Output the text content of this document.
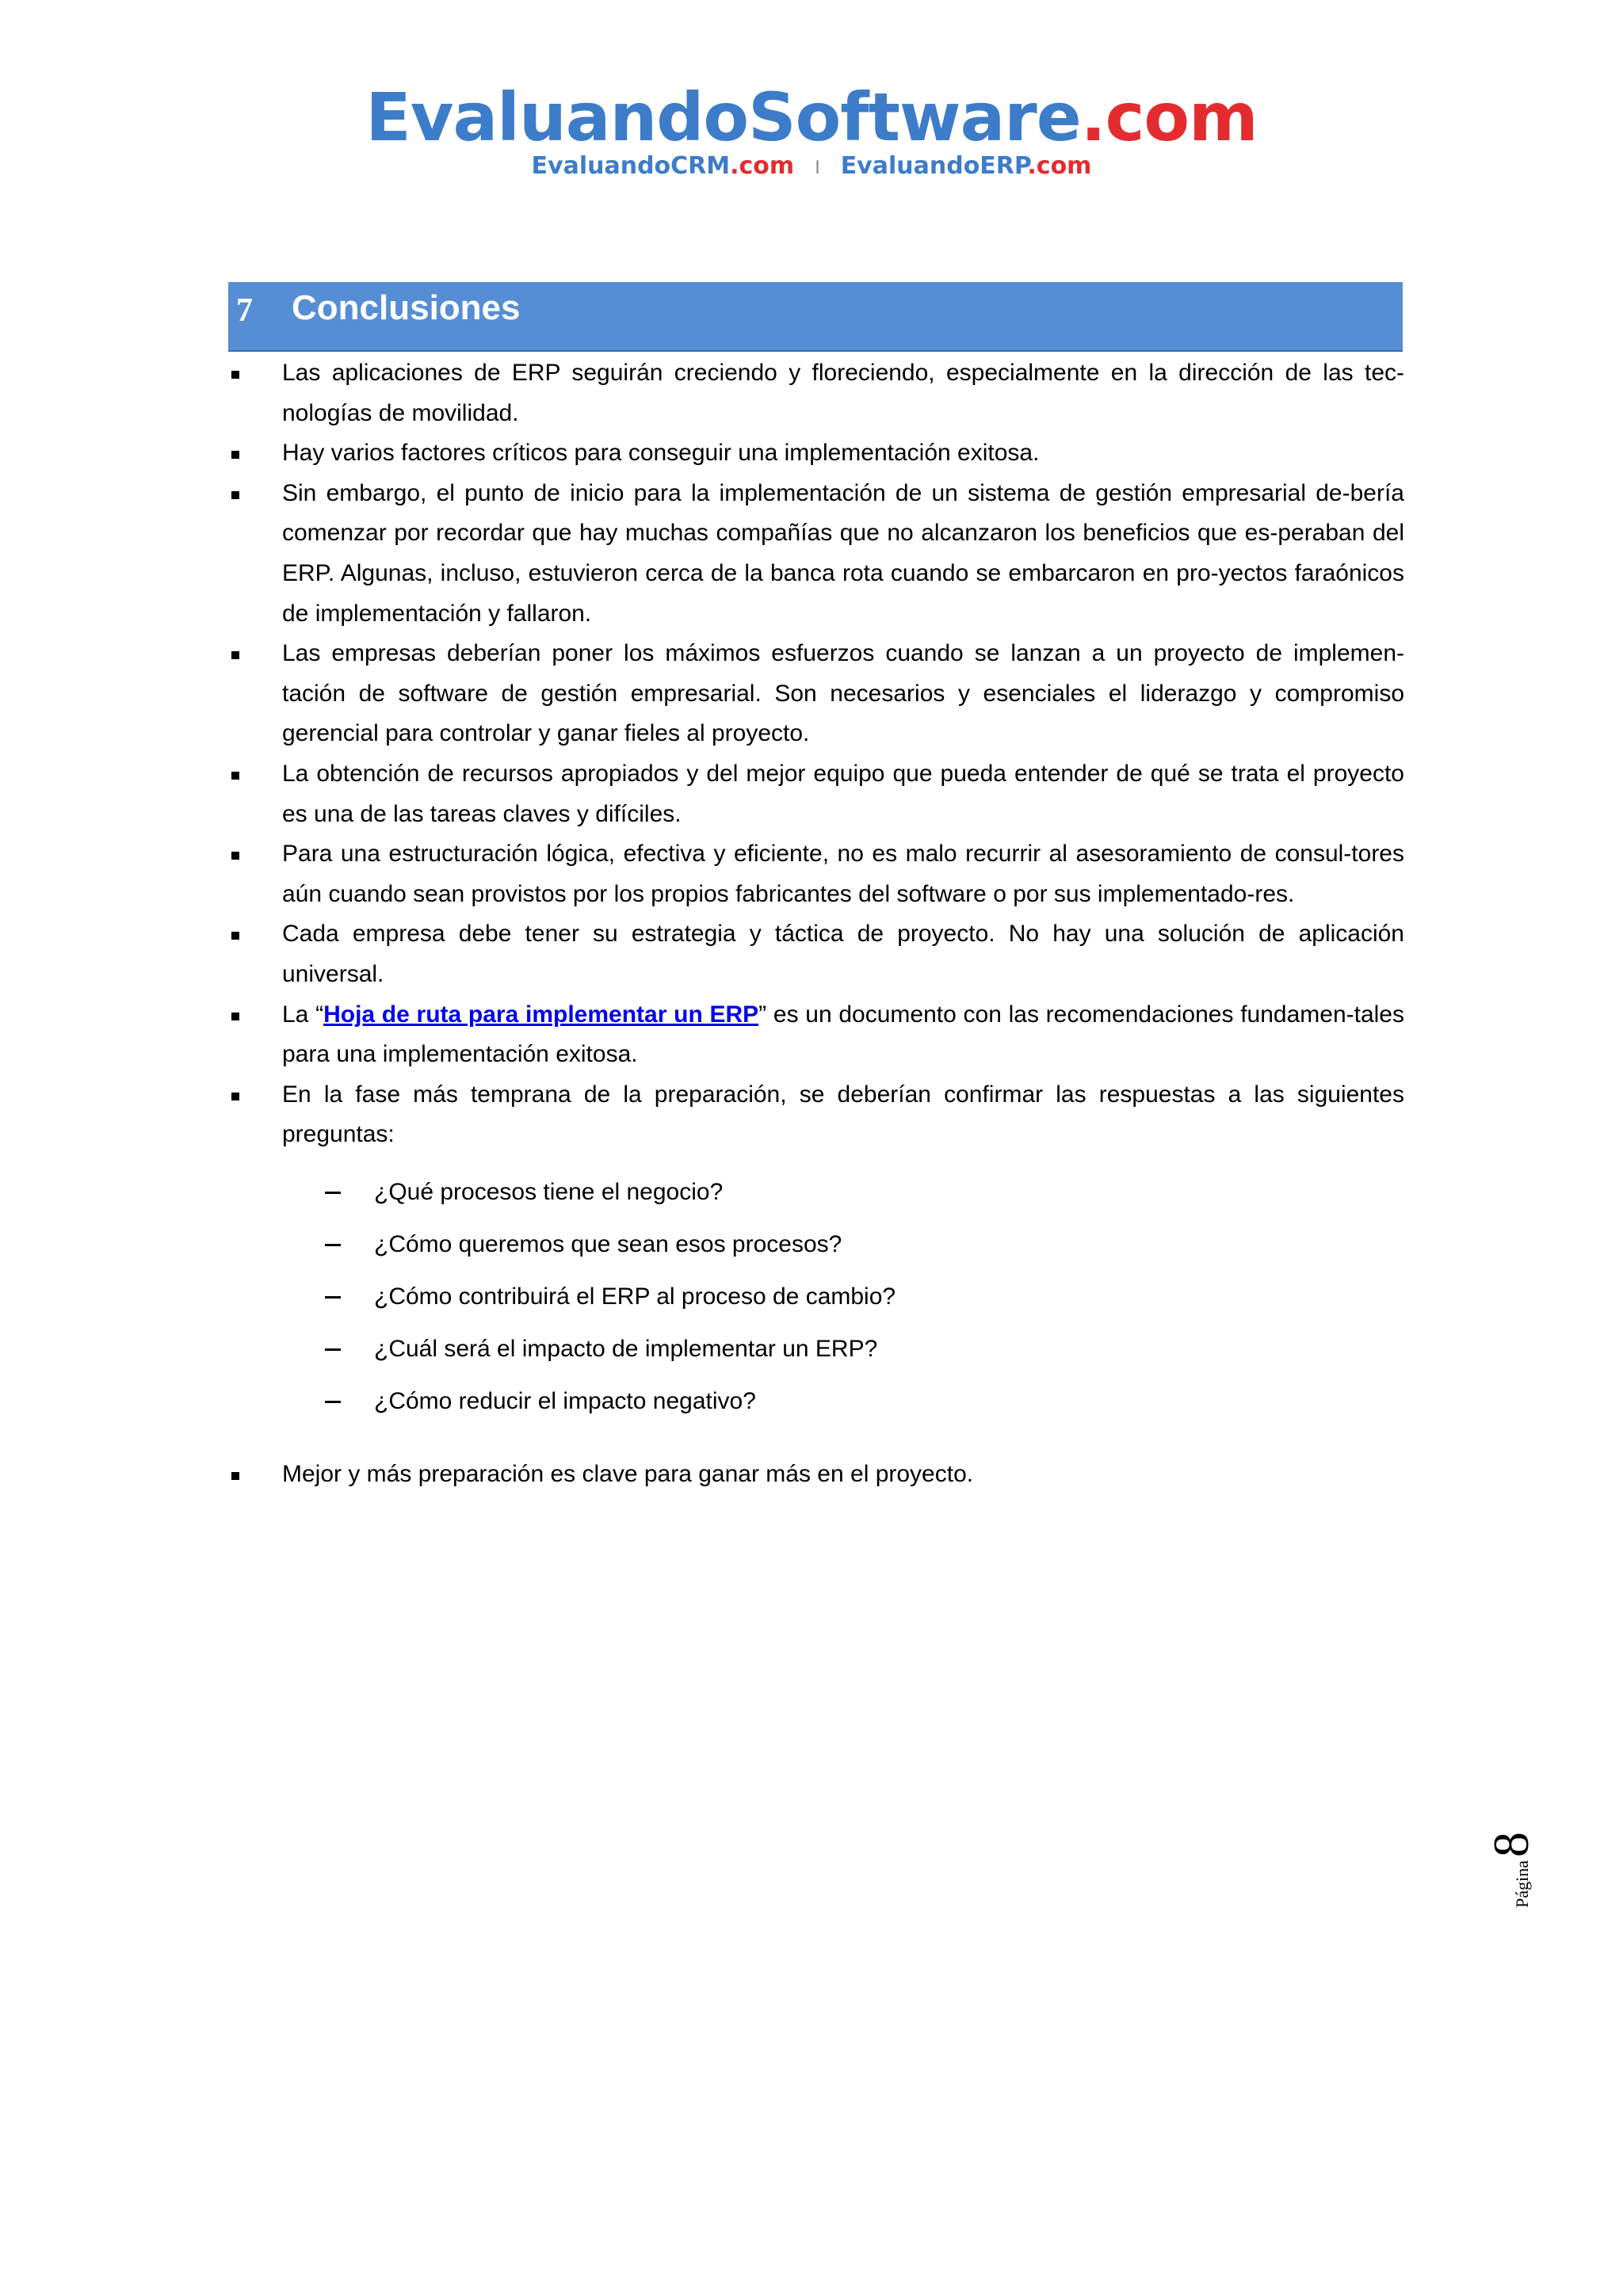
EvaluandoSoftware.com
EvaluandoCRM.com I EvaluandoERP.com
7 Conclusiones
Las aplicaciones de ERP seguirán creciendo y floreciendo, especialmente en la dirección de las tec-nologías de movilidad.
Hay varios factores críticos para conseguir una implementación exitosa.
Sin embargo, el punto de inicio para la implementación de un sistema de gestión empresarial de-bería comenzar por recordar que hay muchas compañías que no alcanzaron los beneficios que es-peraban del ERP. Algunas, incluso, estuvieron cerca de la banca rota cuando se embarcaron en pro-yectos faraónicos de implementación y fallaron.
Las empresas deberían poner los máximos esfuerzos cuando se lanzan a un proyecto de implemen-tación de software de gestión empresarial. Son necesarios y esenciales el liderazgo y compromiso gerencial para controlar y ganar fieles al proyecto.
La obtención de recursos apropiados y del mejor equipo que pueda entender de qué se trata el proyecto es una de las tareas claves y difíciles.
Para una estructuración lógica, efectiva y eficiente, no es malo recurrir al asesoramiento de consul-tores aún cuando sean provistos por los propios fabricantes del software o por sus implementado-res.
Cada empresa debe tener su estrategia y táctica de proyecto. No hay una solución de aplicación universal.
La “Hoja de ruta para implementar un ERP” es un documento con las recomendaciones fundamen-tales para una implementación exitosa.
En la fase más temprana de la preparación, se deberían confirmar las respuestas a las siguientes preguntas:
¿Qué procesos tiene el negocio?
¿Cómo queremos que sean esos procesos?
¿Cómo contribuirá el ERP al proceso de cambio?
¿Cuál será el impacto de implementar un ERP?
¿Cómo reducir el impacto negativo?
Mejor y más preparación es clave para ganar más en el proyecto.
Página8
